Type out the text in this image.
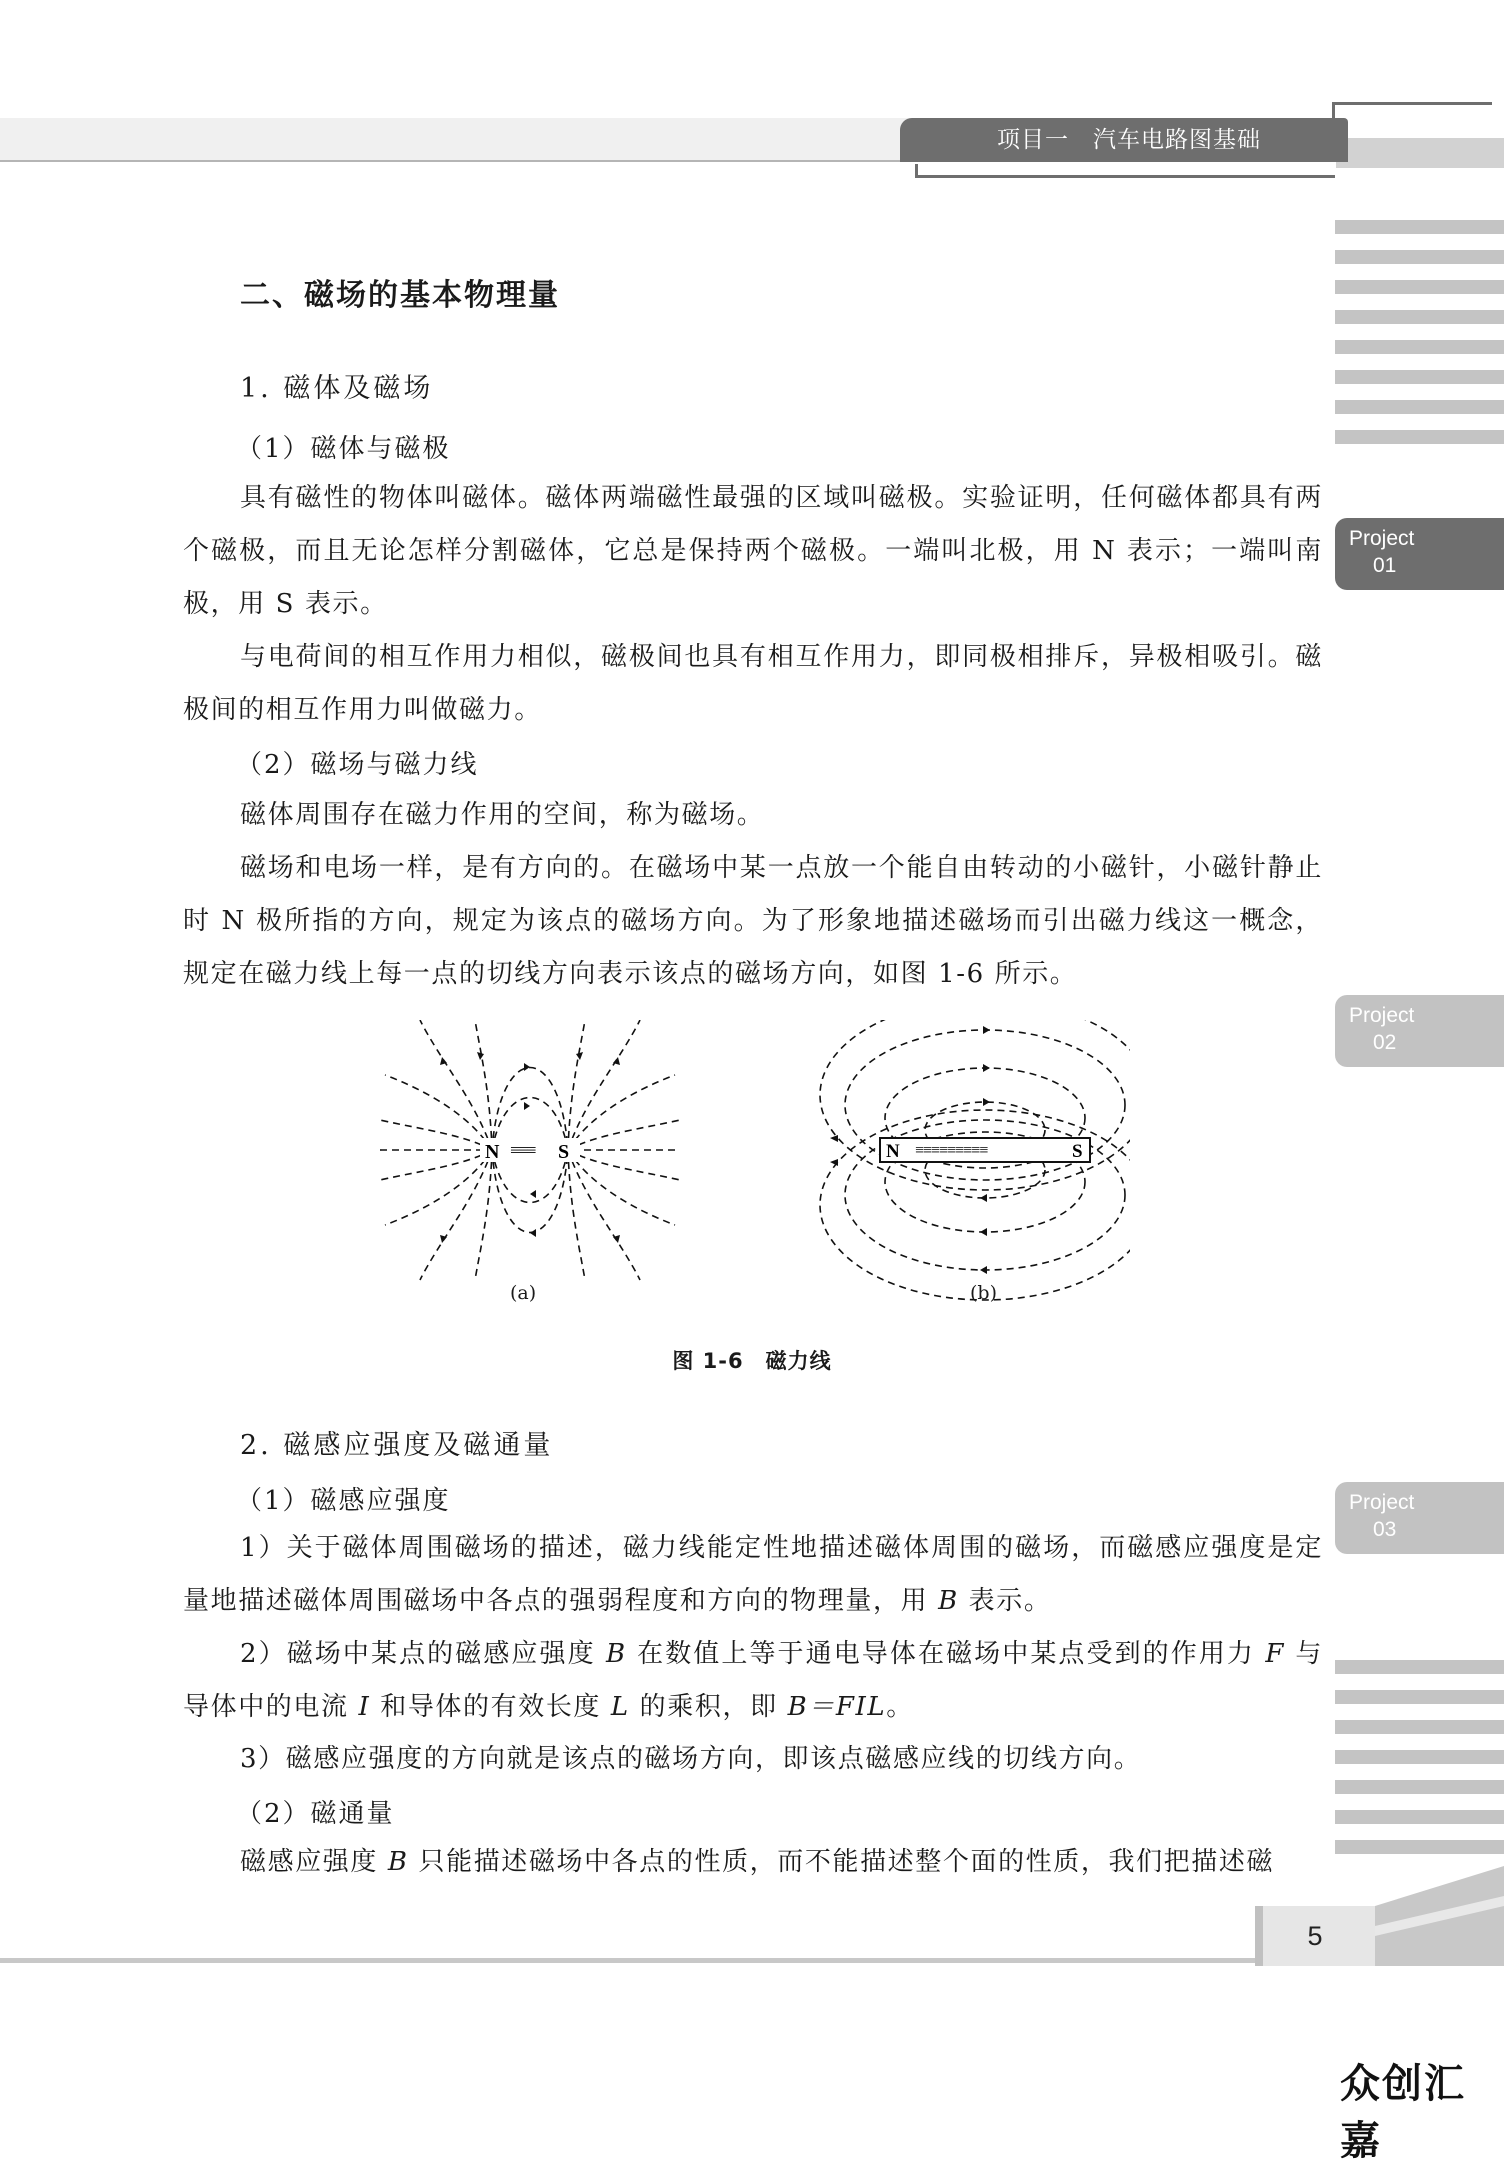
项目一　汽车电路图基础
Project
01
Project
02
Project
03
二、磁场的基本物理量
1. 磁体及磁场
（1）磁体与磁极

具有磁性的物体叫磁体。磁体两端磁性最强的区域叫磁极。实验证明，任何磁体都具有两个磁极，而且无论怎样分割磁体，它总是保持两个磁极。一端叫北极，用 N 表示；一端叫南极，用 S 表示。

与电荷间的相互作用力相似，磁极间也具有相互作用力，即同极相排斥，异极相吸引。磁极间的相互作用力叫做磁力。

（2）磁场与磁力线

磁体周围存在磁力作用的空间，称为磁场。

磁场和电场一样，是有方向的。在磁场中某一点放一个能自由转动的小磁针，小磁针静止时 N 极所指的方向，规定为该点的磁场方向。为了形象地描述磁场而引出磁力线这一概念，规定在磁力线上每一点的切线方向表示该点的磁场方向，如图 1-6 所示。

N ≡≡≡ S	N ≡≡≡≡≡≡≡≡≡	S
(a)	(b)
图 1-6　磁力线
2. 磁感应强度及磁通量
（1）磁感应强度

1）关于磁体周围磁场的描述，磁力线能定性地描述磁体周围的磁场，而磁感应强度是定量地描述磁体周围磁场中各点的强弱程度和方向的物理量，用 B 表示。

2）磁场中某点的磁感应强度 B 在数值上等于通电导体在磁场中某点受到的作用力 F 与导体中的电流 I 和导体的有效长度 L 的乘积，即 B＝FIL。

3）磁感应强度的方向就是该点的磁场方向，即该点磁感应线的切线方向。

（2）磁通量

磁感应强度 B 只能描述磁场中各点的性质，而不能描述整个面的性质，我们把描述磁

5
众创汇嘉
